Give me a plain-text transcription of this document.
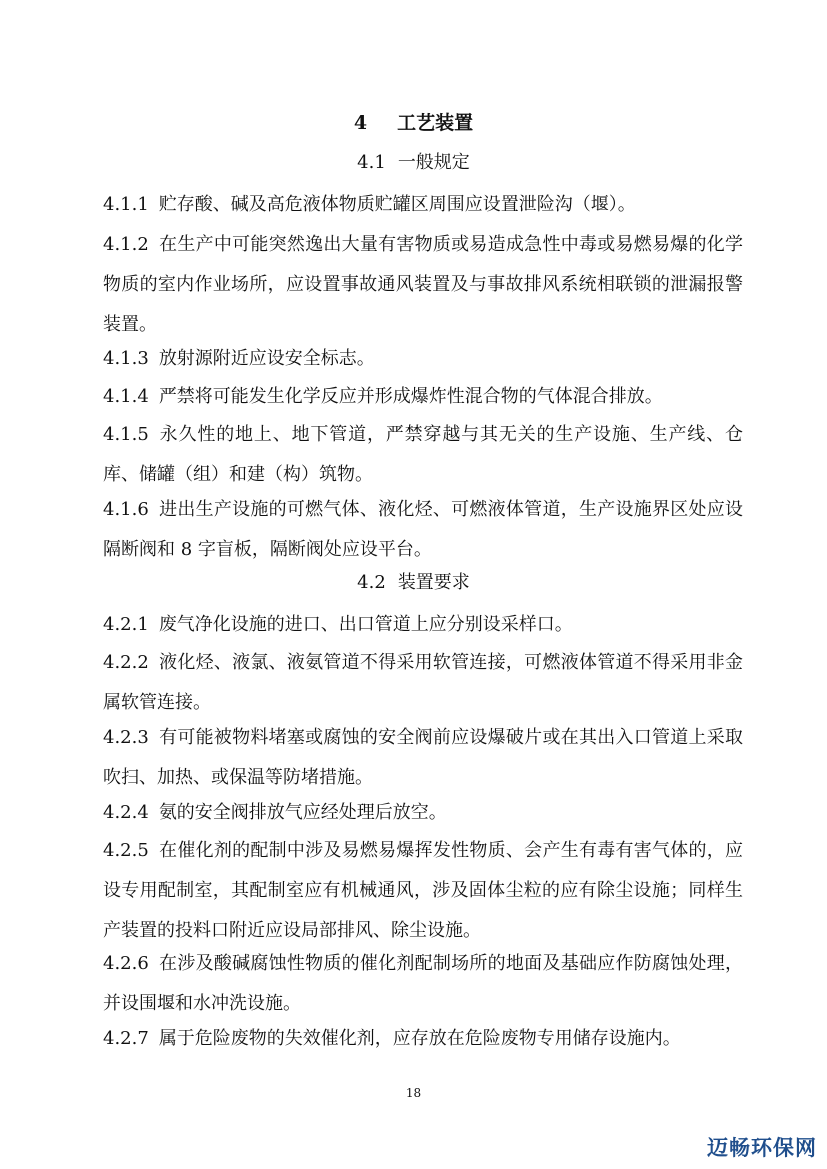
4 工艺装置
4.1 一般规定
4.1.1 贮存酸、碱及高危液体物质贮罐区周围应设置泄险沟（堰）。
4.1.2 在生产中可能突然逸出大量有害物质或易造成急性中毒或易燃易爆的化学物质的室内作业场所，应设置事故通风装置及与事故排风系统相联锁的泄漏报警装置。
4.1.3 放射源附近应设安全标志。
4.1.4 严禁将可能发生化学反应并形成爆炸性混合物的气体混合排放。
4.1.5 永久性的地上、地下管道，严禁穿越与其无关的生产设施、生产线、仓库、储罐（组）和建（构）筑物。
4.1.6 进出生产设施的可燃气体、液化烃、可燃液体管道，生产设施界区处应设隔断阀和 8 字盲板，隔断阀处应设平台。
4.2 装置要求
4.2.1 废气净化设施的进口、出口管道上应分别设采样口。
4.2.2 液化烃、液氯、液氨管道不得采用软管连接，可燃液体管道不得采用非金属软管连接。
4.2.3 有可能被物料堵塞或腐蚀的安全阀前应设爆破片或在其出入口管道上采取吹扫、加热、或保温等防堵措施。
4.2.4 氨的安全阀排放气应经处理后放空。
4.2.5 在催化剂的配制中涉及易燃易爆挥发性物质、会产生有毒有害气体的，应设专用配制室，其配制室应有机械通风，涉及固体尘粒的应有除尘设施；同样生产装置的投料口附近应设局部排风、除尘设施。
4.2.6 在涉及酸碱腐蚀性物质的催化剂配制场所的地面及基础应作防腐蚀处理，并设围堰和水冲洗设施。
4.2.7 属于危险废物的失效催化剂，应存放在危险废物专用储存设施内。
18
迈畅环保网
